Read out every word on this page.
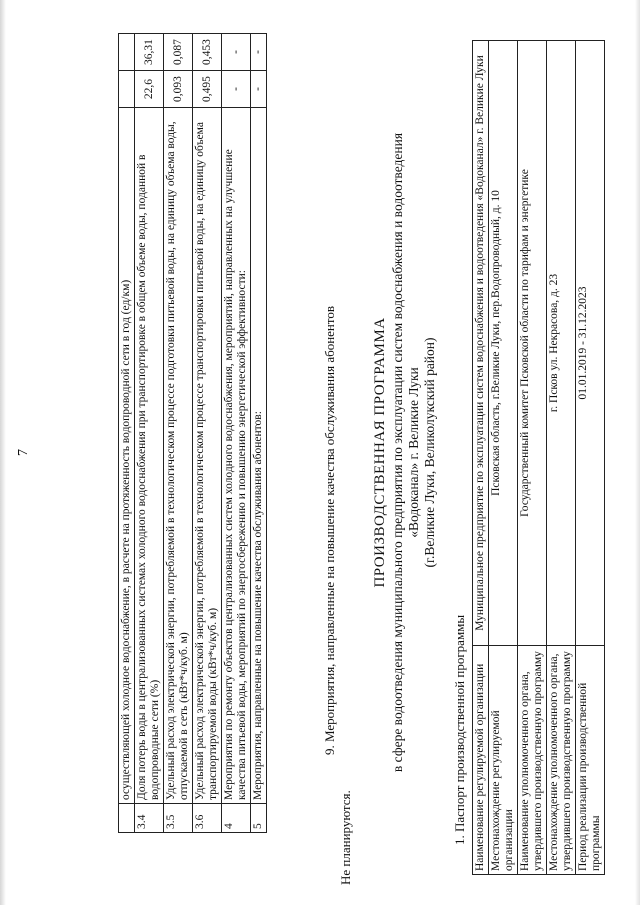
7
		осуществляющей холодное водоснабжение, в расчете на протяженность водопроводной сети в год (ед/км)		
3.4	Доля потерь воды в централизованных системах холодного водоснабжения при транспортировке в общем объеме воды, поданной в водопроводные сети (%)	22,6	36,31
3.5	Удельный расход электрической энергии, потребляемой в технологическом процессе подготовки питьевой воды, на единицу объема воды, отпускаемой в сеть (кВт*ч/куб. м)	0,093	0,087
3.6	Удельный расход электрической энергии, потребляемой в технологическом процессе транспортировки питьевой воды, на единицу объема транспортируемой воды (кВт*ч/куб. м)	0,495	0,453
4	Мероприятия по ремонту объектов централизованных систем холодного водоснабжения, мероприятий, направленных на улучшение качества питьевой воды, мероприятий по энергосбережению и повышению энергетической эффективности:	-	-
5	Мероприятия, направленные на повышение качества обслуживания абонентов:	-	-
9. Мероприятия, направленные на повышение качества обслуживания абонентов
Не планируются.
ПРОИЗВОДСТВЕННАЯ ПРОГРАММА в сфере водоотведения муниципального предприятия по эксплуатации систем водоснабжения и водоотведения «Водоканал» г. Великие Луки (г.Великие Луки, Великолукский район)
1. Паспорт производственной программы Наименование регулируемой организации	Муниципальное предприятие по эксплуатации систем водоснабжения и водоотведения «Водоканал» г. Великие Луки
Местонахождение регулируемой организации	Псковская область, г.Великие Луки, пер.Водопроводный, д. 10
Наименование уполномоченного органа, утвердившего производственную программу	Государственный комитет Псковской области по тарифам и энергетике
Местонахождение уполномоченного органа, утвердившего производственную программу	г. Псков ул. Некрасова, д. 23
Период реализации производственной программы	01.01.2019 - 31.12.2023
